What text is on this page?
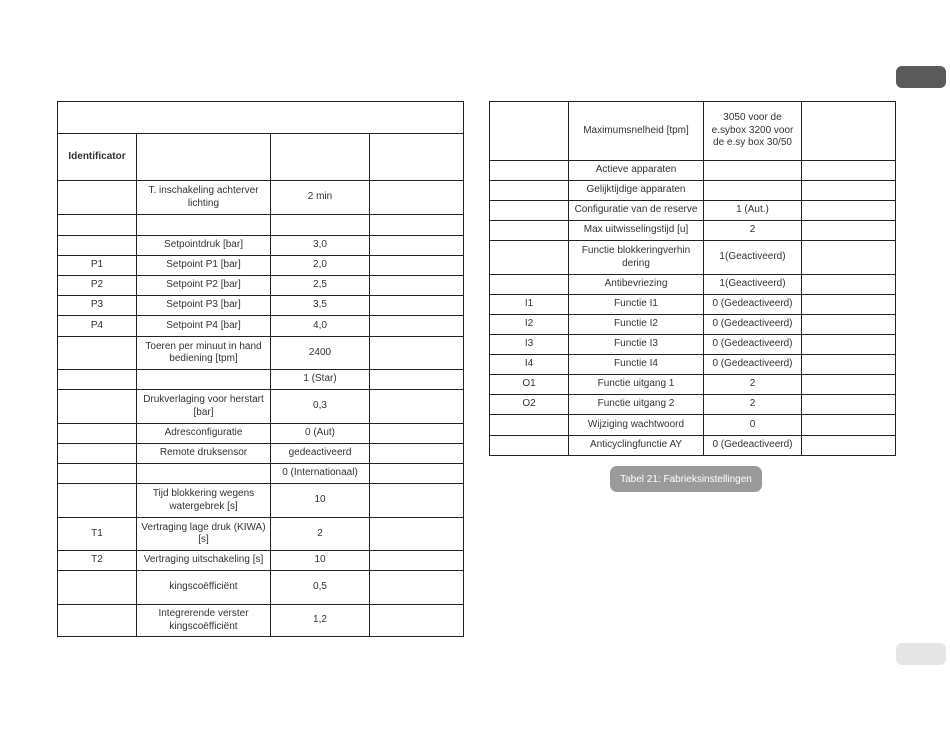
Identificator			
	T. inschakeling achterver lichting	2 min	

	Setpointdruk [bar]	3,0	
P1	Setpoint P1 [bar]	2,0	
P2	Setpoint P2 [bar]	2,5	
P3	Setpoint P3 [bar]	3,5	
P4	Setpoint P4 [bar]	4,0	
	Toeren per minuut in hand bediening [tpm]	2400	
		1 (Star)	
	Drukverlaging voor herstart [bar]	0,3	
	Adresconfiguratie	0 (Aut)	
	Remote druksensor	gedeactiveerd	
		0 (Internationaal)	
	Tijd blokkering wegens watergebrek [s]	10	
T1	Vertraging lage druk (KIWA) [s]	2	
T2	Vertraging uitschakeling [s]	10	
	kingscoëfficiënt	0,5	
	Integrerende verster kingscoëfficiënt	1,2	
	Maximumsnelheid [tpm]	3050 voor de e.sybox 3200 voor de e.sy box 30/50	
	Actieve apparaten		
	Gelijktijdige apparaten		
	Configuratie van de reserve	1 (Aut.)	
	Max uitwisselingstijd [u]	2	
	Functie blokkeringverhin dering	1(Geactiveerd)	
	Antibevriezing	1(Geactiveerd)	
I1	Functie I1	0 (Gedeactiveerd)	
I2	Functie I2	0 (Gedeactiveerd)	
I3	Functie I3	0 (Gedeactiveerd)	
I4	Functie I4	0 (Gedeactiveerd)	
O1	Functie uitgang 1	2	
O2	Functie uitgang 2	2	
	Wijziging wachtwoord	0	
	Anticyclingfunctie AY	0 (Gedeactiveerd)	
Tabel 21: Fabrieksinstellingen
